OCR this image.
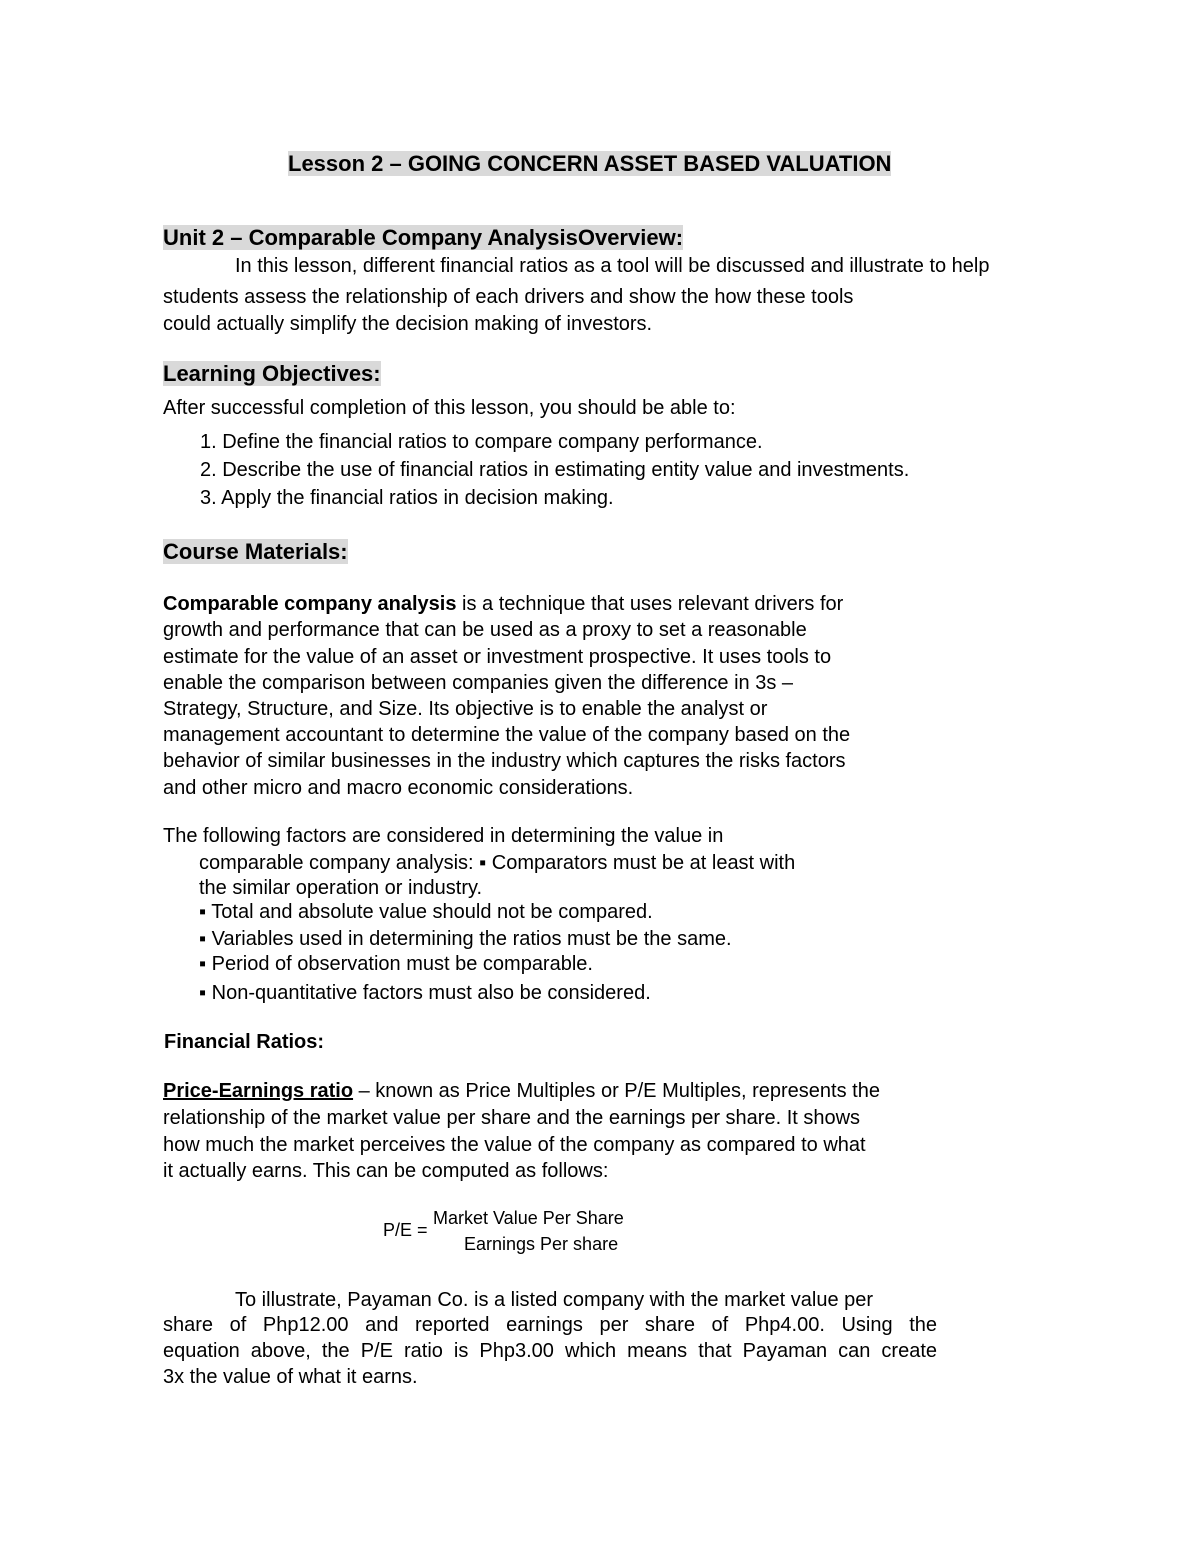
Lesson 2 – GOING CONCERN ASSET BASED VALUATION
Unit 2 – Comparable Company AnalysisOverview:
In this lesson, different financial ratios as a tool will be discussed and illustrate to help
students assess the relationship of each drivers and show the how these tools
could actually simplify the decision making of investors.
Learning Objectives:
After successful completion of this lesson, you should be able to:
1. Define the financial ratios to compare company performance.
2. Describe the use of financial ratios in estimating entity value and investments.
3. Apply the financial ratios in decision making.
Course Materials:
Comparable company analysis is a technique that uses relevant drivers for
growth and performance that can be used as a proxy to set a reasonable
estimate for the value of an asset or investment prospective. It uses tools to
enable the comparison between companies given the difference in 3s –
Strategy, Structure, and Size. Its objective is to enable the analyst or
management accountant to determine the value of the company based on the
behavior of similar businesses in the industry which captures the risks factors
and other micro and macro economic considerations.
The following factors are considered in determining the value in
comparable company analysis: ▪ Comparators must be at least with
the similar operation or industry.
▪ Total and absolute value should not be compared.
▪ Variables used in determining the ratios must be the same.
▪ Period of observation must be comparable.
▪ Non-quantitative factors must also be considered.
Financial Ratios:
Price-Earnings ratio – known as Price Multiples or P/E Multiples, represents the
relationship of the market value per share and the earnings per share. It shows
how much the market perceives the value of the company as compared to what
it actually earns. This can be computed as follows:
P/E =
Market Value Per Share
Earnings Per share
To illustrate, Payaman Co. is a listed company with the market value per
share of Php12.00 and reported earnings per share of Php4.00. Using the
equation above, the P/E ratio is Php3.00 which means that Payaman can create
3x the value of what it earns.
